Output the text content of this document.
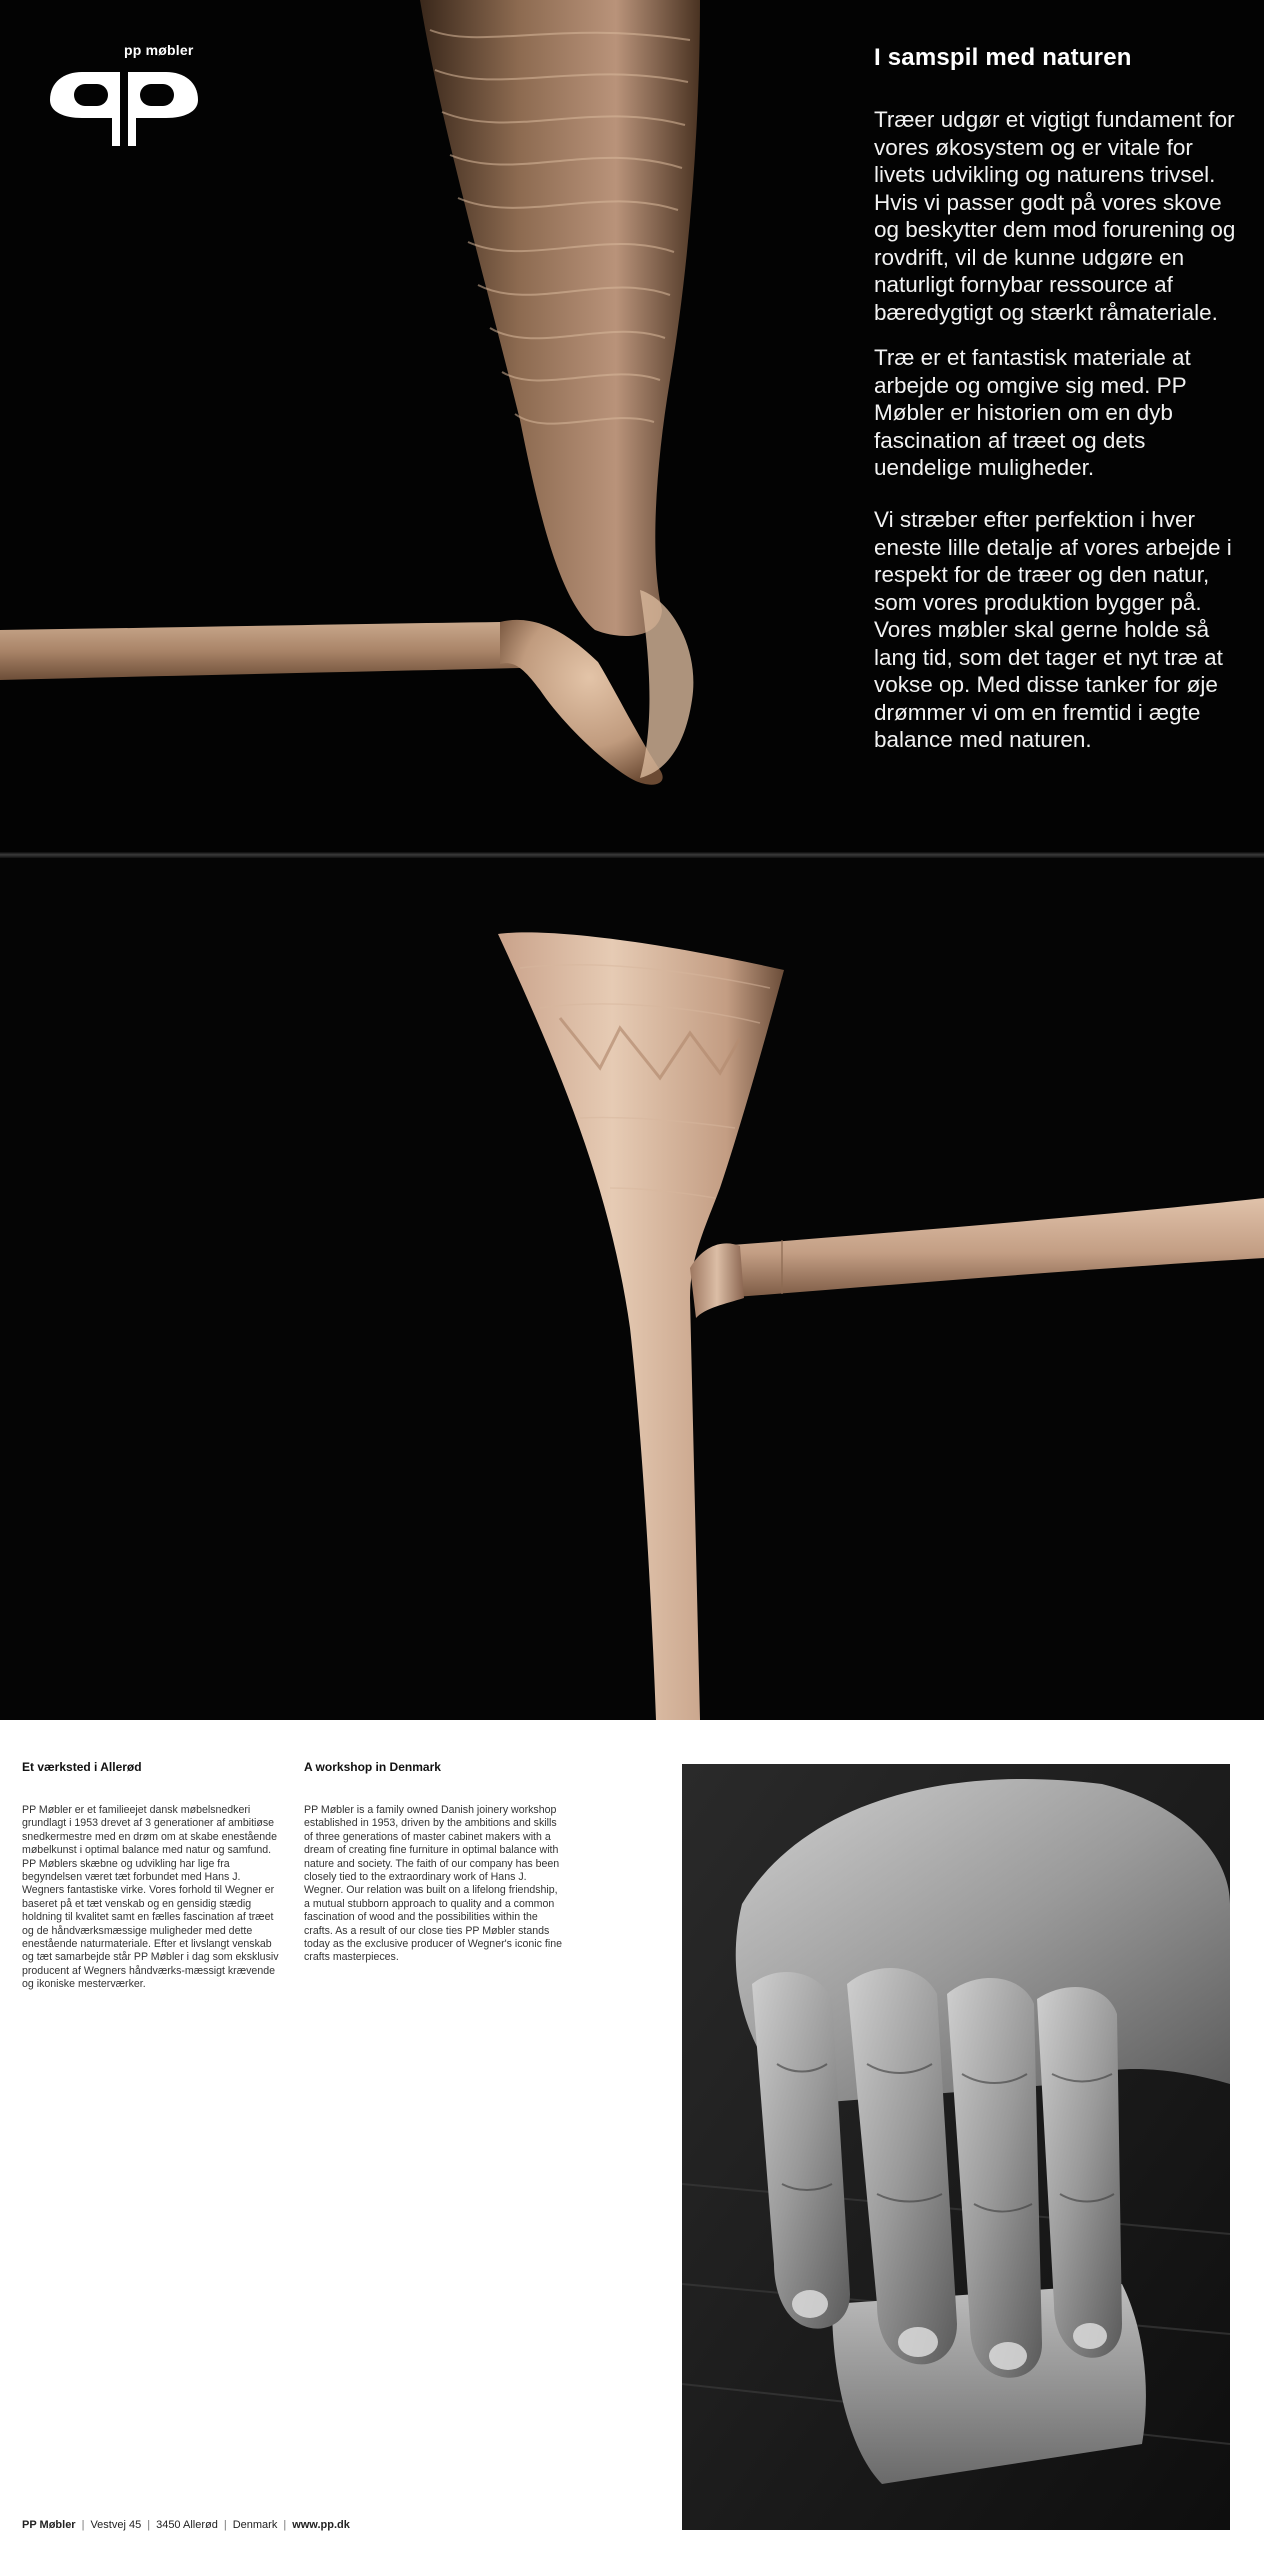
pp møbler	I samspil med naturen

Træer udgør et vigtigt fundament for vores økosystem og er vitale for livets udvikling og naturens trivsel. Hvis vi passer godt på vores skove og beskytter dem mod forurening og rovdrift, vil de kunne udgøre en naturligt fornybar ressource af bæredygtigt og stærkt råmateriale.

Træ er et fantastisk materiale at arbejde og omgive sig med. PP Møbler er historien om en dyb fascination af træet og dets uendelige muligheder.

Vi stræber efter perfektion i hver eneste lille detalje af vores arbejde i respekt for de træer og den natur, som vores produktion bygger på. Vores møbler skal gerne holde så lang tid, som det tager et nyt træ at vokse op. Med disse tanker for øje drømmer vi om en fremtid i ægte balance med naturen.

Et værksted i Allerød

PP Møbler er et familieejet dansk møbelsnedkeri grundlagt i 1953 drevet af 3 generationer af ambitiøse snedkermestre med en drøm om at skabe enestående møbelkunst i optimal balance med natur og samfund. PP Møblers skæbne og udvikling har lige fra begyndelsen været tæt forbundet med Hans J. Wegners fantastiske virke. Vores forhold til Wegner er baseret på et tæt venskab og en gensidig stædig holdning til kvalitet samt en fælles fascination af træet og de håndværksmæssige muligheder med dette enestående naturmateriale. Efter et livslangt venskab og tæt samarbejde står PP Møbler i dag som eksklusiv producent af Wegners håndværks-mæssigt krævende og ikoniske mesterværker.

A workshop in Denmark

PP Møbler is a family owned Danish joinery workshop established in 1953, driven by the ambitions and skills of three generations of master cabinet makers with a dream of creating fine furniture in optimal balance with nature and society. The faith of our company has been closely tied to the extraordinary work of Hans J. Wegner. Our relation was built on a lifelong friendship, a mutual stubborn approach to quality and a common fascination of wood and the possibilities within the crafts. As a result of our close ties PP Møbler stands today as the exclusive producer of Wegner's iconic fine crafts masterpieces.

PP Møbler | Vestvej 45 | 3450 Allerød | Denmark | www.pp.dk
